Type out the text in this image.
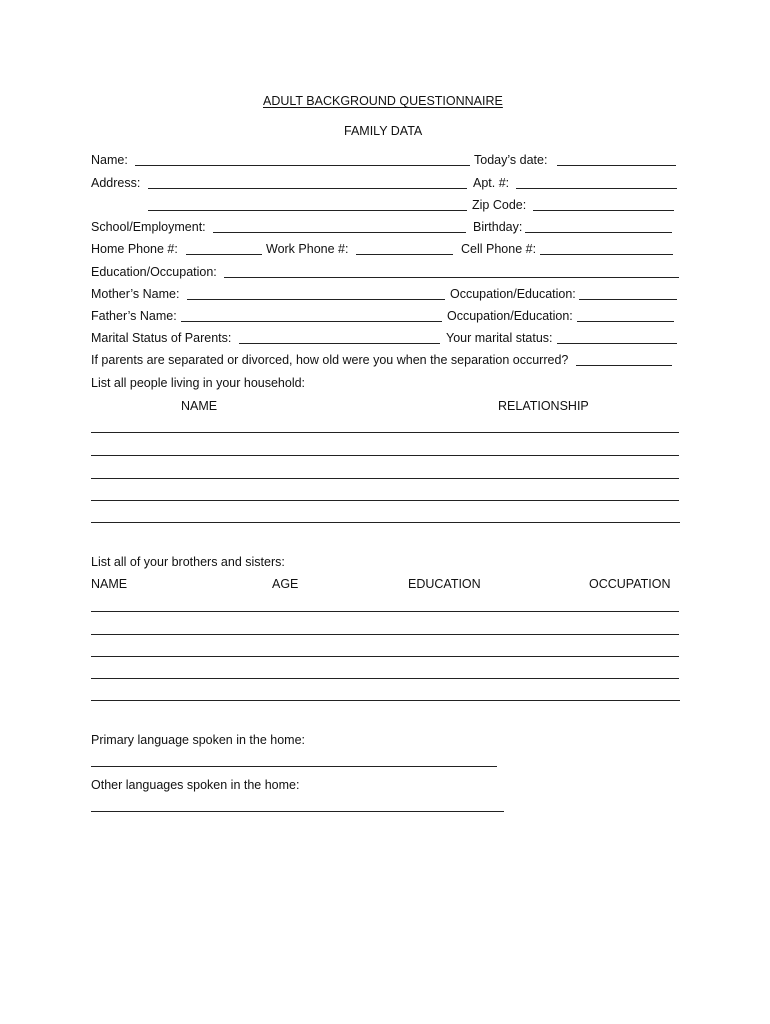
ADULT BACKGROUND QUESTIONNAIRE
FAMILY DATA
Name:	Today’s date:
Address:	Apt. #:
Zip Code:
School/Employment:	Birthday:
Home Phone #:	Work Phone #:	Cell Phone #:
Education/Occupation:
Mother’s Name:	Occupation/Education:
Father’s Name:	Occupation/Education:
Marital Status of Parents:	Your marital status:
If parents are separated or divorced, how old were you when the separation occurred?
List all people living in your household:
NAME	RELATIONSHIP
List all of your brothers and sisters:
NAME	AGE	EDUCATION	OCCUPATION
Primary language spoken in the home:
Other languages spoken in the home:
